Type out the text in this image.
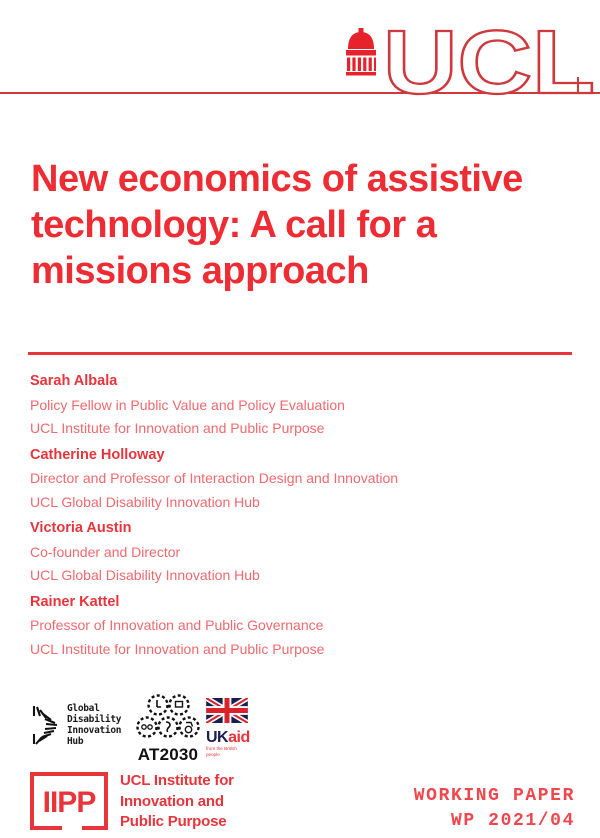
UCL
New economics of assistive
technology: A call for a
missions approach
Sarah Albala
Policy Fellow in Public Value and Policy Evaluation
UCL Institute for Innovation and Public Purpose
Catherine Holloway
Director and Professor of Interaction Design and Innovation
UCL Global Disability Innovation Hub
Victoria Austin
Co-founder and Director
UCL Global Disability Innovation Hub
Rainer Kattel
Professor of Innovation and Public Governance
UCL Institute for Innovation and Public Purpose
Global
Disability
Innovation
Hub
AT2030
UKaid
from the British people
IIPP
UCL Institute for
Innovation and
Public Purpose
WORKING PAPER
WP 2021/04
